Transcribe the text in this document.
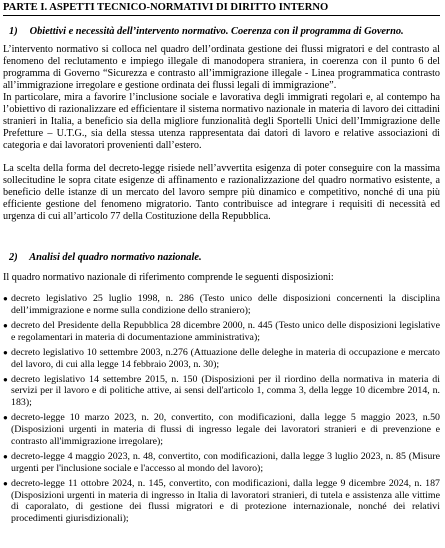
PARTE I. ASPETTI TECNICO-NORMATIVI DI DIRITTO INTERNO
1) Obiettivi e necessità dell’intervento normativo. Coerenza con il programma di Governo.

L’intervento normativo si colloca nel quadro dell’ordinata gestione dei flussi migratori e del contrasto al fenomeno del reclutamento e impiego illegale di manodopera straniera, in coerenza con il punto 6 del programma di Governo “Sicurezza e contrasto all’immigrazione illegale - Linea programmatica contrasto all’immigrazione irregolare e gestione ordinata dei flussi legali di immigrazione”.

In particolare, mira a favorire l’inclusione sociale e lavorativa degli immigrati regolari e, al contempo ha l’obiettivo di razionalizzare ed efficientare il sistema normativo nazionale in materia di lavoro dei cittadini stranieri in Italia, a beneficio sia della migliore funzionalità degli Sportelli Unici dell’Immigrazione delle Prefetture – U.T.G., sia della stessa utenza rappresentata dai datori di lavoro e relative associazioni di categoria e dai lavoratori provenienti dall’estero.

La scelta della forma del decreto-legge risiede nell’avvertita esigenza di poter conseguire con la massima sollecitudine le sopra citate esigenze di affinamento e razionalizzazione del quadro normativo esistente, a beneficio delle istanze di un mercato del lavoro sempre più dinamico e competitivo, nonché di una più efficiente gestione del fenomeno migratorio. Tanto contribuisce ad integrare i requisiti di necessità ed urgenza di cui all’articolo 77 della Costituzione della Repubblica.

2) Analisi del quadro normativo nazionale.

Il quadro normativo nazionale di riferimento comprende le seguenti disposizioni:

● decreto legislativo 25 luglio 1998, n. 286 (Testo unico delle disposizioni concernenti la disciplina dell’immigrazione e norme sulla condizione dello straniero);
● decreto del Presidente della Repubblica 28 dicembre 2000, n. 445 (Testo unico delle disposizioni legislative e regolamentari in materia di documentazione amministrativa);
● decreto legislativo 10 settembre 2003, n.276 (Attuazione delle deleghe in materia di occupazione e mercato del lavoro, di cui alla legge 14 febbraio 2003, n. 30);
● decreto legislativo 14 settembre 2015, n. 150 (Disposizioni per il riordino della normativa in materia di servizi per il lavoro e di politiche attive, ai sensi dell'articolo 1, comma 3, della legge 10 dicembre 2014, n. 183);
● decreto-legge 10 marzo 2023, n. 20, convertito, con modificazioni, dalla legge 5 maggio 2023, n.50 (Disposizioni urgenti in materia di flussi di ingresso legale dei lavoratori stranieri e di prevenzione e contrasto all'immigrazione irregolare);
● decreto-legge 4 maggio 2023, n. 48, convertito, con modificazioni, dalla legge 3 luglio 2023, n. 85 (Misure urgenti per l'inclusione sociale e l'accesso al mondo del lavoro);
● decreto-legge 11 ottobre 2024, n. 145, convertito, con modificazioni, dalla legge 9 dicembre 2024, n. 187 (Disposizioni urgenti in materia di ingresso in Italia di lavoratori stranieri, di tutela e assistenza alle vittime di caporalato, di gestione dei flussi migratori e di protezione internazionale, nonché dei relativi procedimenti giurisdizionali);
